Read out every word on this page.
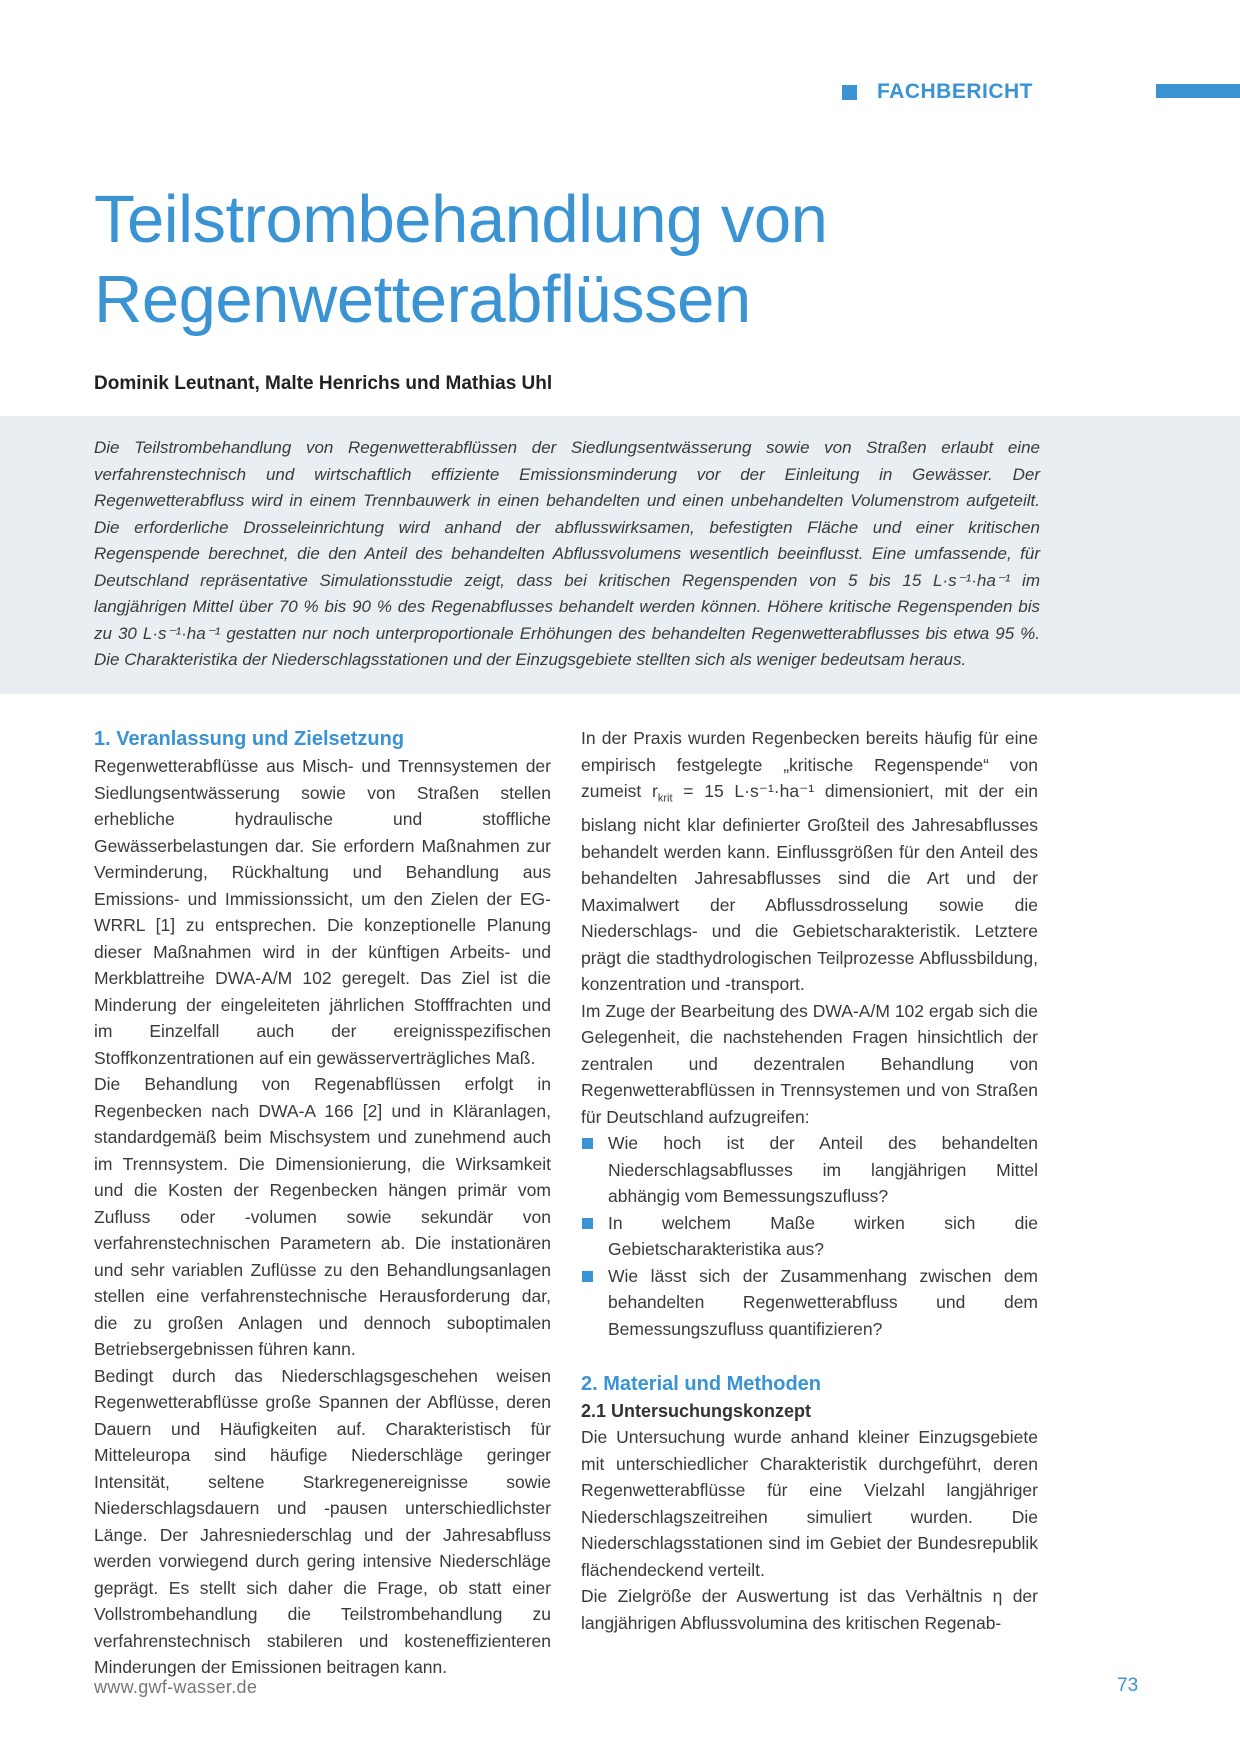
FACHBERICHT
Teilstrombehandlung von
Regenwetterabflüssen
Dominik Leutnant, Malte Henrichs und Mathias Uhl

Die Teilstrombehandlung von Regenwetterabflüssen der Siedlungsentwässerung sowie von Straßen erlaubt eine verfahrenstechnisch und wirtschaftlich effiziente Emissionsminderung vor der Einleitung in Gewässer. Der Regenwetterabfluss wird in einem Trennbauwerk in einen behandelten und einen unbehandelten Volumenstrom aufgeteilt. Die erforderliche Drosseleinrichtung wird anhand der abflusswirksamen, befestigten Fläche und einer kritischen Regenspende berechnet, die den Anteil des behandelten Abflussvolumens wesentlich beeinflusst. Eine umfassende, für Deutschland repräsentative Simulationsstudie zeigt, dass bei kritischen Regenspenden von 5 bis 15 L·s⁻¹·ha⁻¹ im langjährigen Mittel über 70 % bis 90 % des Regenabflusses behandelt werden können. Höhere kritische Regenspenden bis zu 30 L·s⁻¹·ha⁻¹ gestatten nur noch unterproportionale Erhöhungen des behandelten Regenwetterabflusses bis etwa 95 %. Die Charakteristika der Niederschlagsstationen und der Einzugsgebiete stellten sich als weniger bedeutsam heraus.

1. Veranlassung und Zielsetzung

Regenwetterabflüsse aus Misch- und Trennsystemen der Siedlungsentwässerung sowie von Straßen stellen erhebliche hydraulische und stoffliche Gewässerbelastungen dar. Sie erfordern Maßnahmen zur Verminderung, Rückhaltung und Behandlung aus Emissions- und Immissionssicht, um den Zielen der EG-WRRL [1] zu entsprechen. Die konzeptionelle Planung dieser Maßnahmen wird in der künftigen Arbeits- und Merkblattreihe DWA-A/M 102 geregelt. Das Ziel ist die Minderung der eingeleiteten jährlichen Stofffrachten und im Einzelfall auch der ereignisspezifischen Stoffkonzentrationen auf ein gewässerverträgliches Maß.

Die Behandlung von Regenabflüssen erfolgt in Regenbecken nach DWA-A 166 [2] und in Kläranlagen, standardgemäß beim Mischsystem und zunehmend auch im Trennsystem. Die Dimensionierung, die Wirksamkeit und die Kosten der Regenbecken hängen primär vom Zufluss oder -volumen sowie sekundär von verfahrenstechnischen Parametern ab. Die instationären und sehr variablen Zuflüsse zu den Behandlungsanlagen stellen eine verfahrenstechnische Herausforderung dar, die zu großen Anlagen und dennoch suboptimalen Betriebsergebnissen führen kann.

Bedingt durch das Niederschlagsgeschehen weisen Regenwetterabflüsse große Spannen der Abflüsse, deren Dauern und Häufigkeiten auf. Charakteristisch für Mitteleuropa sind häufige Niederschläge geringer Intensität, seltene Starkregenereignisse sowie Niederschlagsdauern und -pausen unterschiedlichster Länge. Der Jahresniederschlag und der Jahresabfluss werden vorwiegend durch gering intensive Niederschläge geprägt. Es stellt sich daher die Frage, ob statt einer Vollstrombehandlung die Teilstrombehandlung zu verfahrenstechnisch stabileren und kosteneffizienteren Minderungen der Emissionen beitragen kann.

In der Praxis wurden Regenbecken bereits häufig für eine empirisch festgelegte „kritische Regenspende“ von zumeist $r_{krit} = 15$ L·s⁻¹·ha⁻¹ dimensioniert, mit der ein bislang nicht klar definierter Großteil des Jahresabflusses behandelt werden kann. Einflussgrößen für den Anteil des behandelten Jahresabflusses sind die Art und der Maximalwert der Abflussdrosselung sowie die Niederschlags- und die Gebietscharakteristik. Letztere prägt die stadthydrologischen Teilprozesse Abflussbildung, konzentration und -transport.

Im Zuge der Bearbeitung des DWA-A/M 102 ergab sich die Gelegenheit, die nachstehenden Fragen hinsichtlich der zentralen und dezentralen Behandlung von Regenwetterabflüssen in Trennsystemen und von Straßen für Deutschland aufzugreifen:

Wie hoch ist der Anteil des behandelten Niederschlagsabflusses im langjährigen Mittel abhängig vom Bemessungszufluss?
In welchem Maße wirken sich die Gebietscharakteristika aus?
Wie lässt sich der Zusammenhang zwischen dem behandelten Regenwetterabfluss und dem Bemessungszufluss quantifizieren?
2. Material und Methoden
2.1 Untersuchungskonzept

Die Untersuchung wurde anhand kleiner Einzugsgebiete mit unterschiedlicher Charakteristik durchgeführt, deren Regenwetterabflüsse für eine Vielzahl langjähriger Niederschlagszeitreihen simuliert wurden. Die Niederschlagsstationen sind im Gebiet der Bundesrepublik flächendeckend verteilt.

Die Zielgröße der Auswertung ist das Verhältnis η der langjährigen Abflussvolumina des kritischen Regenab-

www.gwf-wasser.de	73
